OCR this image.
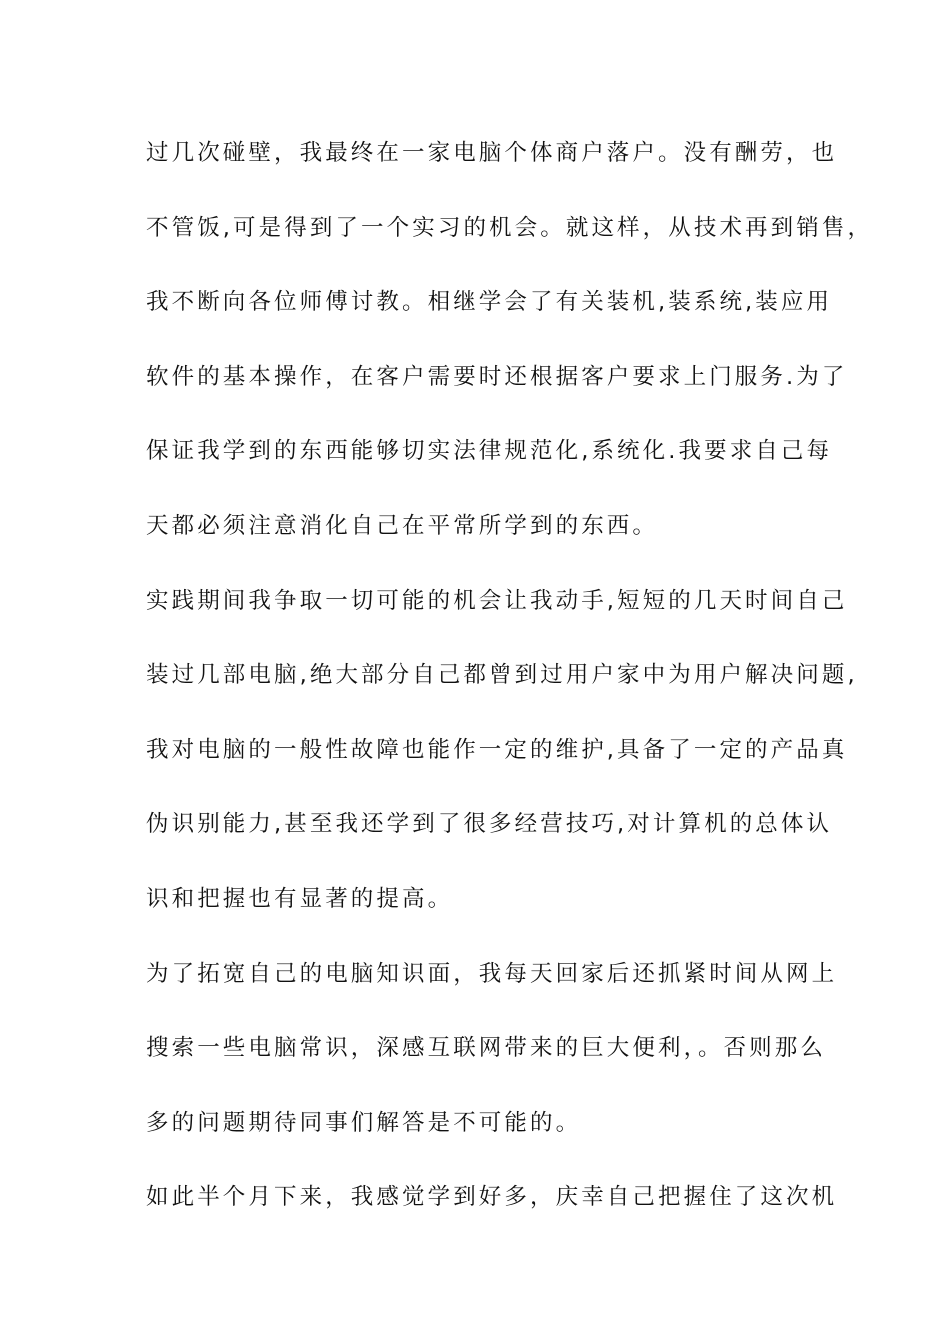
过几次碰壁，我最终在一家电脑个体商户落户。没有酬劳，也
不管饭,可是得到了一个实习的机会。就这样，从技术再到销售，
我不断向各位师傅讨教。相继学会了有关装机,装系统,装应用
软件的基本操作，在客户需要时还根据客户要求上门服务.为了
保证我学到的东西能够切实法律规范化,系统化.我要求自己每
天都必须注意消化自己在平常所学到的东西。
实践期间我争取一切可能的机会让我动手,短短的几天时间自己
装过几部电脑,绝大部分自己都曾到过用户家中为用户解决问题,
我对电脑的一般性故障也能作一定的维护,具备了一定的产品真
伪识别能力,甚至我还学到了很多经营技巧,对计算机的总体认
识和把握也有显著的提高。
为了拓宽自己的电脑知识面，我每天回家后还抓紧时间从网上
搜索一些电脑常识，深感互联网带来的巨大便利，。否则那么
多的问题期待同事们解答是不可能的。
如此半个月下来，我感觉学到好多，庆幸自己把握住了这次机
